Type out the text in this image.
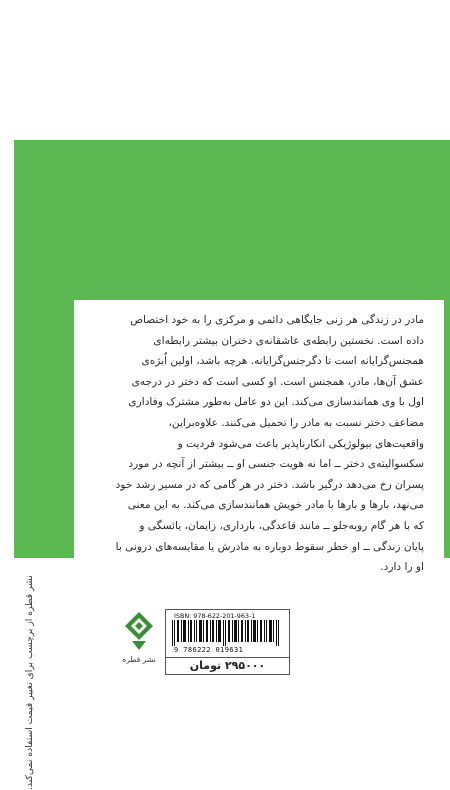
مادر در زندگی هر زنی جایگاهی دائمی و مرکزی را به خود اختصاص

داده است. نخستین رابطه‌ی عاشقانه‌ی دختران بیشتر رابطه‌ای

همجنس‌گرایانه است تا دگرجنس‌گرایانه. هرچه باشد، اولین اُبژه‌ی

عشق آن‌ها، مادر، همجنس است. او کسی است که دختر در درجه‌ی

اول با وی همانندسازی می‌کند. این دو عامل به‌طور مشترک وفاداری

مضاعف دختر نسبت به مادر را تحمیل می‌کنند. علاوه‌براین،

واقعیت‌های بیولوژیکی انکارناپذیر باعث می‌شود فردیت و

سکسوالیته‌ی دختر ــ اما نه هویت جنسی او ــ بیشتر از آنچه در مورد

پسران رخ می‌دهد درگیر باشد. دختر در هر گامی که در مسیر رشد خود

می‌نهد، بارها و بارها با مادر خویش همانندسازی می‌کند. به این معنی

که با هر گام رو‌به‌جلو ــ مانند قاعدگی، بارداری، زایمان، یائسگی و

پایان زندگی ــ او خطر سقوط دوباره به مادرش یا مقایسه‌های درونی با

او را دارد.

نشر قطره از برچسب برای تغییر قیمت استفاده نمی‌کند.	نشر قطره
ISBN: 978-622-201-963-1
9 786222 019631
۲۹۵۰۰۰ تومان
